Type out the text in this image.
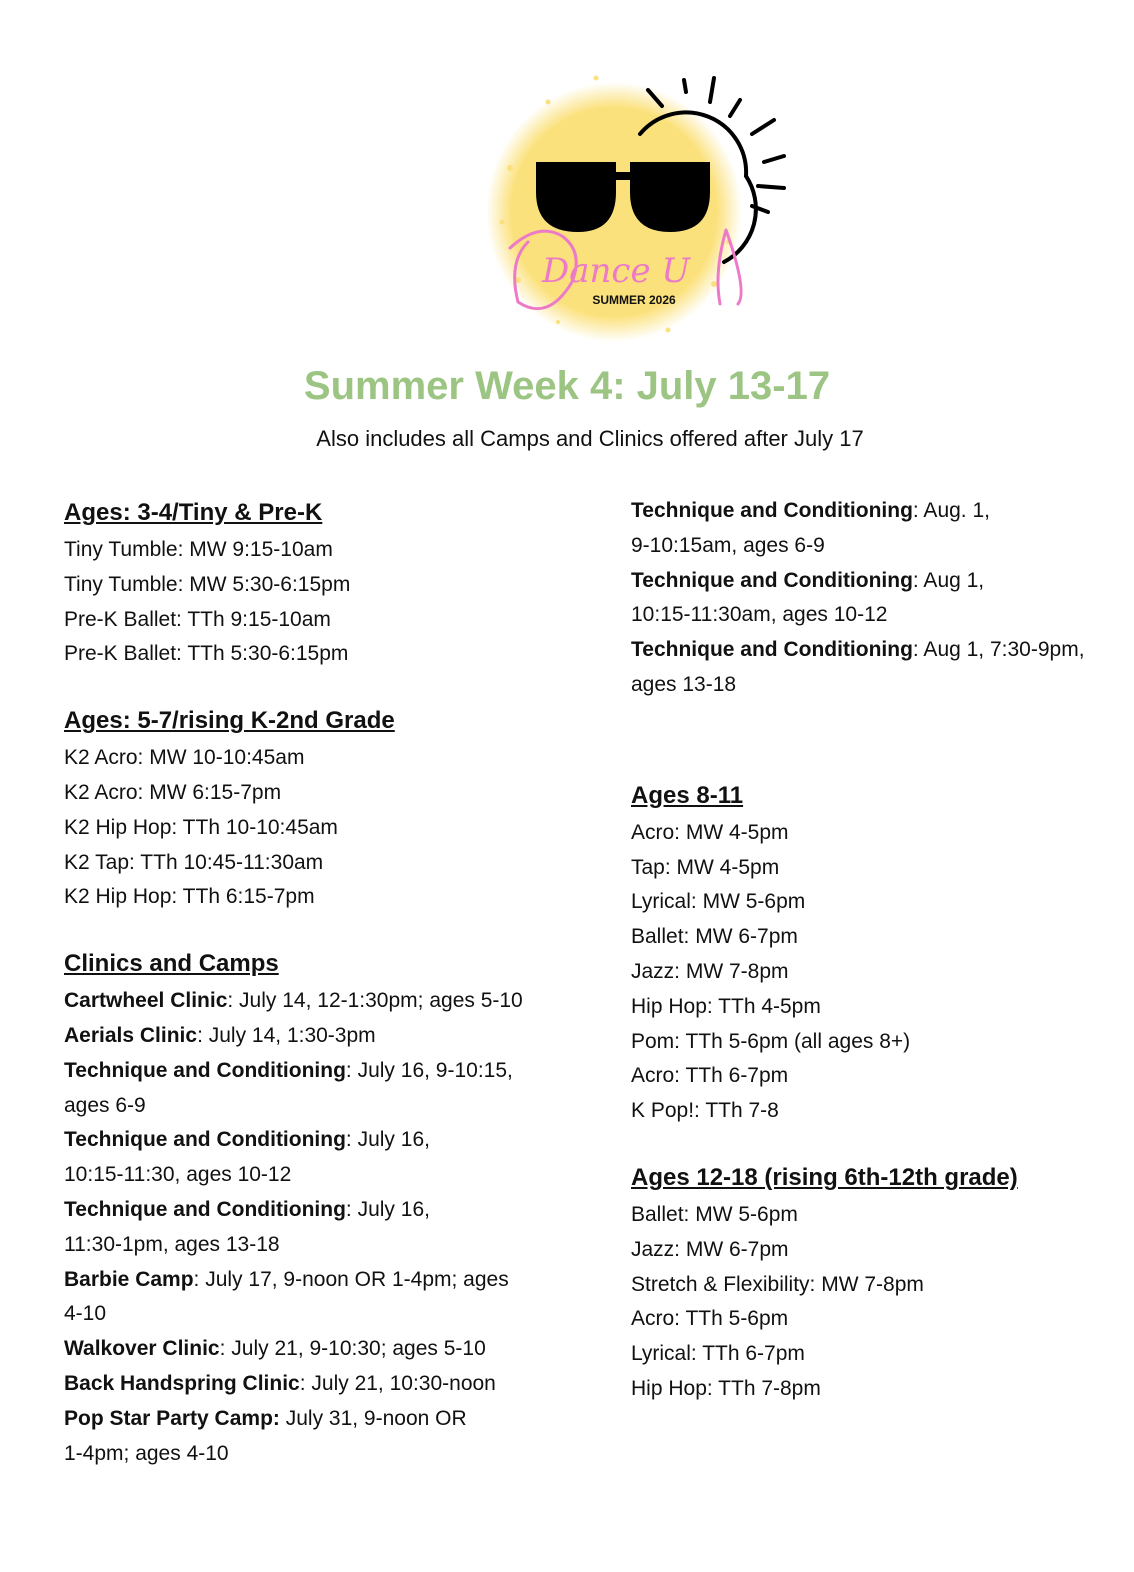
Dance U
SUMMER 2026
Summer Week 4: July 13-17
Also includes all Camps and Clinics offered after July 17
Ages: 3-4/Tiny & Pre-K
Tiny Tumble: MW 9:15-10am
Tiny Tumble: MW 5:30-6:15pm
Pre-K Ballet: TTh 9:15-10am
Pre-K Ballet: TTh 5:30-6:15pm
Ages: 5-7/rising K-2nd Grade
K2 Acro: MW 10-10:45am
K2 Acro: MW 6:15-7pm
K2 Hip Hop: TTh 10-10:45am
K2 Tap: TTh 10:45-11:30am
K2 Hip Hop: TTh 6:15-7pm
Clinics and Camps
Cartwheel Clinic: July 14, 12-1:30pm; ages 5-10
Aerials Clinic: July 14, 1:30-3pm
Technique and Conditioning: July 16, 9-10:15,
ages 6-9
Technique and Conditioning: July 16,
10:15-11:30, ages 10-12
Technique and Conditioning: July 16,
11:30-1pm, ages 13-18
Barbie Camp: July 17, 9-noon OR 1-4pm; ages
4-10
Walkover Clinic: July 21, 9-10:30; ages 5-10
Back Handspring Clinic: July 21, 10:30-noon
Pop Star Party Camp: July 31, 9-noon OR
1-4pm; ages 4-10
Technique and Conditioning: Aug. 1,
9-10:15am, ages 6-9
Technique and Conditioning: Aug 1,
10:15-11:30am, ages 10-12
Technique and Conditioning: Aug 1, 7:30-9pm,
ages 13-18
Ages 8-11
Acro: MW 4-5pm
Tap: MW 4-5pm
Lyrical: MW 5-6pm
Ballet: MW 6-7pm
Jazz: MW 7-8pm
Hip Hop: TTh 4-5pm
Pom: TTh 5-6pm (all ages 8+)
Acro: TTh 6-7pm
K Pop!: TTh 7-8
Ages 12-18 (rising 6th-12th grade)
Ballet: MW 5-6pm
Jazz: MW 6-7pm
Stretch & Flexibility: MW 7-8pm
Acro: TTh 5-6pm
Lyrical: TTh 6-7pm
Hip Hop: TTh 7-8pm
